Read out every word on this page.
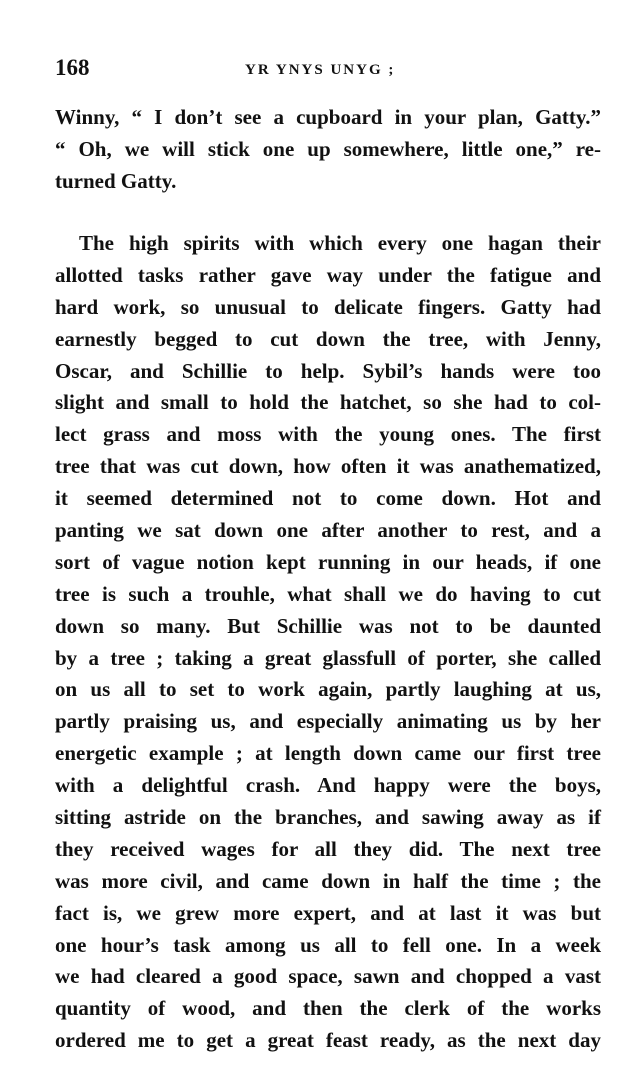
168	YR YNYS UNYG ;
Winny, “ I don’t see a cupboard in your plan, Gatty.”
“ Oh, we will stick one up somewhere, little one,” re-
turned Gatty.
The high spirits with which every one hagan their
allotted tasks rather gave way under the fatigue and
hard work, so unusual to delicate fingers. Gatty had
earnestly begged to cut down the tree, with Jenny,
Oscar, and Schillie to help. Sybil’s hands were too
slight and small to hold the hatchet, so she had to col-
lect grass and moss with the young ones. The first
tree that was cut down, how often it was anathematized,
it seemed determined not to come down. Hot and
panting we sat down one after another to rest, and a
sort of vague notion kept running in our heads, if one
tree is such a trouhle, what shall we do having to cut
down so many. But Schillie was not to be daunted
by a tree ; taking a great glassfull of porter, she called
on us all to set to work again, partly laughing at us,
partly praising us, and especially animating us by her
energetic example ; at length down came our first tree
with a delightful crash. And happy were the boys,
sitting astride on the branches, and sawing away as if
they received wages for all they did. The next tree
was more civil, and came down in half the time ; the
fact is, we grew more expert, and at last it was but
one hour’s task among us all to fell one. In a week
we had cleared a good space, sawn and chopped a vast
quantity of wood, and then the clerk of the works
ordered me to get a great feast ready, as the next day
